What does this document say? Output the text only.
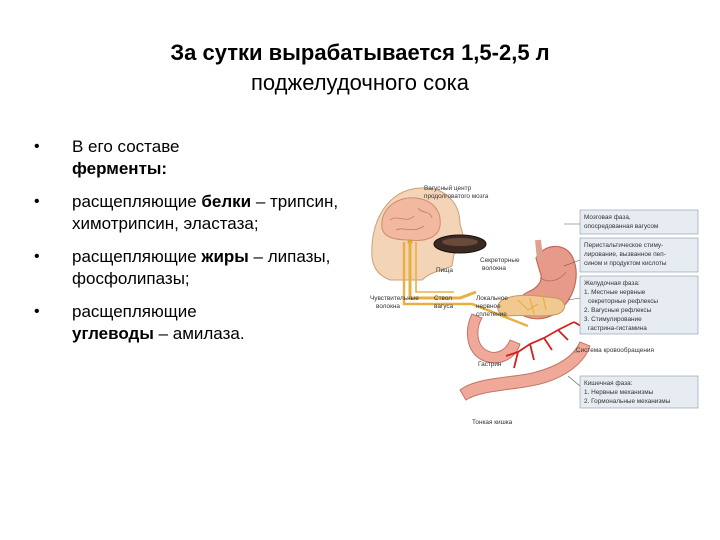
За сутки вырабатывается 1,5-2,5 л
поджелудочного сока
• В его составе
ферменты:
• расщепляющие белки – трипсин, химотрипсин, эластаза;
• расщепляющие жиры – липазы, фосфолипазы;
• расщепляющие
углеводы – амилаза.
Вагусный центр
продолговатого мозга
Пища
Секреторные
волокна
Чувствительные
волокна
Ствол
вагуса
Локальное
нервное
сплетение
Гастрин
Тонкая кишка
Система кровообращения
Мозговая фаза,
опосредованная вагусом
Перистальтическое стиму-
лирование, вызванное пеп-
сином и продуктом кислоты
Желудочная фаза:
1. Местные нервные
секреторные рефлексы
2. Вагусные рефлексы
3. Стимулирование
гастрина-гистамина
Кишечная фаза:
1. Нервные механизмы
2. Гормональные механизмы
